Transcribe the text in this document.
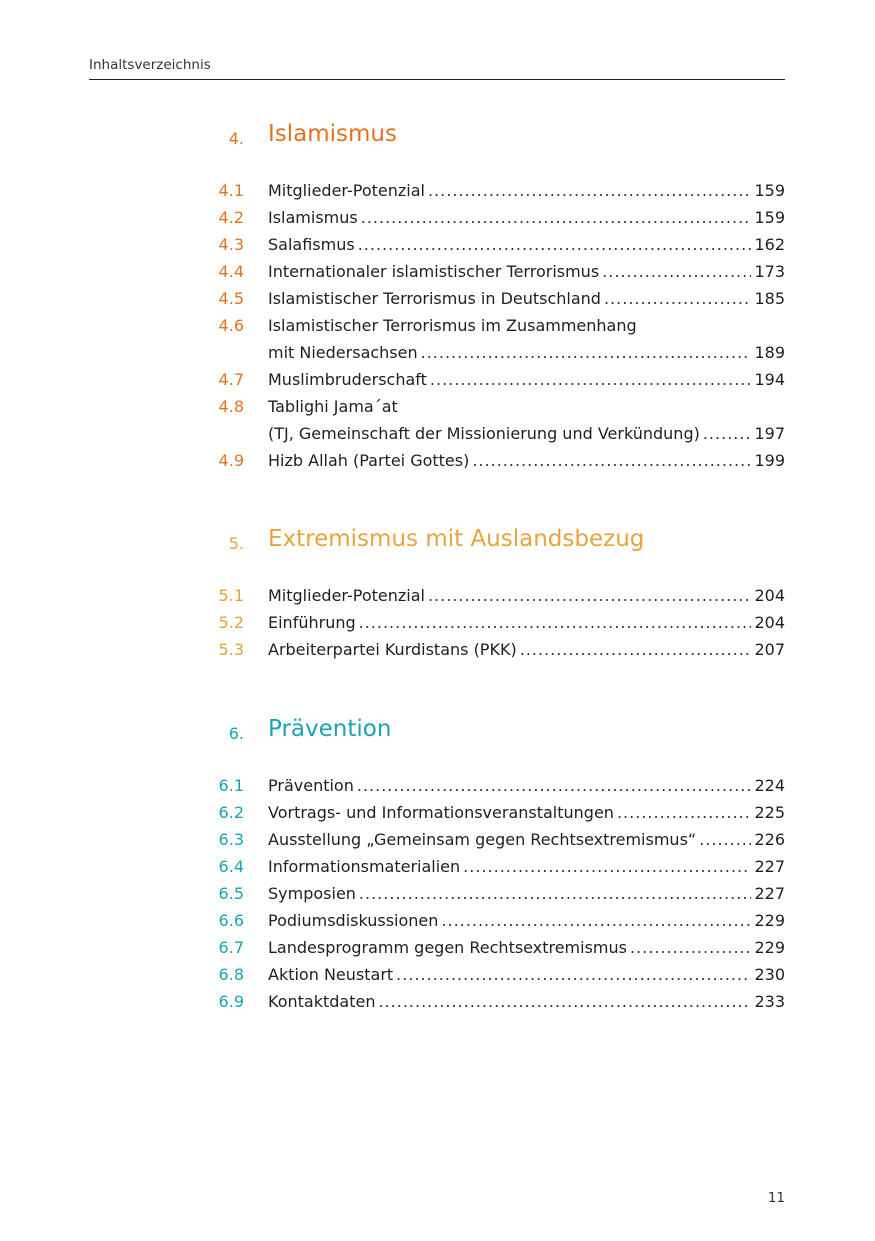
Inhaltsverzeichnis
4. Islamismus
4.1 Mitglieder-Potenzial .....	159
4.2 Islamismus .....	159
4.3 Salafismus .....	162
4.4 Internationaler islamistischer Terrorismus .....	173
4.5 Islamistischer Terrorismus in Deutschland .....	185
4.6 Islamistischer Terrorismus im Zusammenhang
mit Niedersachsen .....	189
4.7 Muslimbruderschaft .....	194
4.8 Tablighi Jama´at
(TJ, Gemeinschaft der Missionierung und Verkündung) .....	197
4.9 Hizb Allah (Partei Gottes) .....	199
5. Extremismus mit Auslandsbezug
5.1 Mitglieder-Potenzial .....	204
5.2 Einführung .....	204
5.3 Arbeiterpartei Kurdistans (PKK) .....	207
6. Prävention
6.1 Prävention .....	224
6.2 Vortrags- und Informationsveranstaltungen .....	225
6.3 Ausstellung „Gemeinsam gegen Rechtsextremismus“ .....	226
6.4 Informationsmaterialien .....	227
6.5 Symposien .....	227
6.6 Podiumsdiskussionen .....	229
6.7 Landesprogramm gegen Rechtsextremismus .....	229
6.8 Aktion Neustart .....	230
6.9 Kontaktdaten .....	233
11
